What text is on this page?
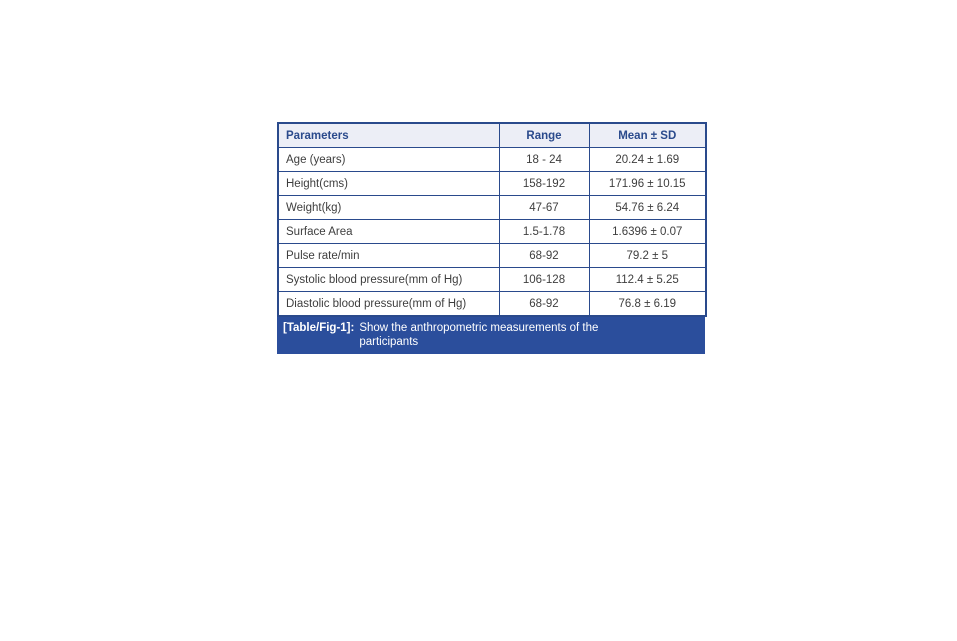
Parameters	Range	Mean ± SD
Age (years)	18 - 24	20.24 ± 1.69
Height(cms)	158-192	171.96 ± 10.15
Weight(kg)	47-67	54.76 ± 6.24
Surface Area	1.5-1.78	1.6396 ± 0.07
Pulse rate/min	68-92	79.2 ± 5
Systolic blood pressure(mm of Hg)	106-128	112.4 ± 5.25
Diastolic blood pressure(mm of Hg)	68-92	76.8 ± 6.19
[Table/Fig-1]: Show the anthropometric measurements of the participants
